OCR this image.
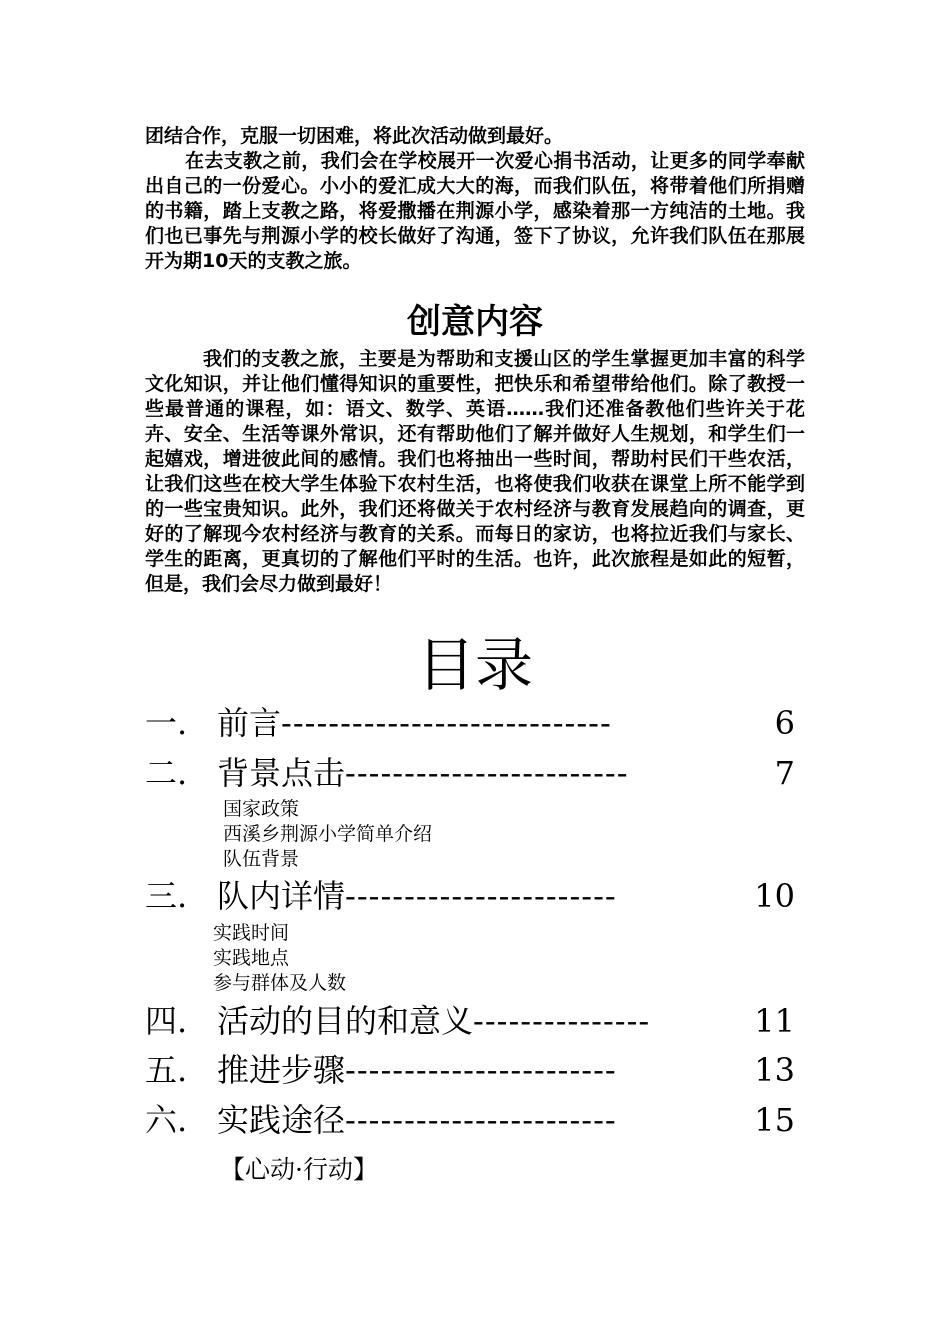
团结合作，克服一切困难，将此次活动做到最好。

在去支教之前，我们会在学校展开一次爱心捐书活动，让更多的同学奉献出自己的一份爱心。小小的爱汇成大大的海，而我们队伍，将带着他们所捐赠的书籍，踏上支教之路，将爱撒播在荆源小学，感染着那一方纯洁的土地。我们也已事先与荆源小学的校长做好了沟通，签下了协议，允许我们队伍在那展开为期10天的支教之旅。

创意内容

我们的支教之旅，主要是为帮助和支援山区的学生掌握更加丰富的科学文化知识，并让他们懂得知识的重要性，把快乐和希望带给他们。除了教授一些最普通的课程，如：语文、数学、英语……我们还准备教他们些许关于花卉、安全、生活等课外常识，还有帮助他们了解并做好人生规划，和学生们一起嬉戏，增进彼此间的感情。我们也将抽出一些时间，帮助村民们干些农活，让我们这些在校大学生体验下农村生活，也将使我们收获在课堂上所不能学到的一些宝贵知识。此外，我们还将做关于农村经济与教育发展趋向的调查，更好的了解现今农村经济与教育的关系。而每日的家访，也将拉近我们与家长、学生的距离，更真切的了解他们平时的生活。也许，此次旅程是如此的短暂，但是，我们会尽力做到最好！

目录
一. 前言 ----------------------------	6
二. 背景点击 ------------------------	7
国家政策
西溪乡荆源小学简单介绍
队伍背景
三. 队内详情 -----------------------	10
实践时间
实践地点
参与群体及人数
四. 活动的目的和意义 ---------------	11
五. 推进步骤 -----------------------	13
六. 实践途径 -----------------------	15
【心动·行动】
